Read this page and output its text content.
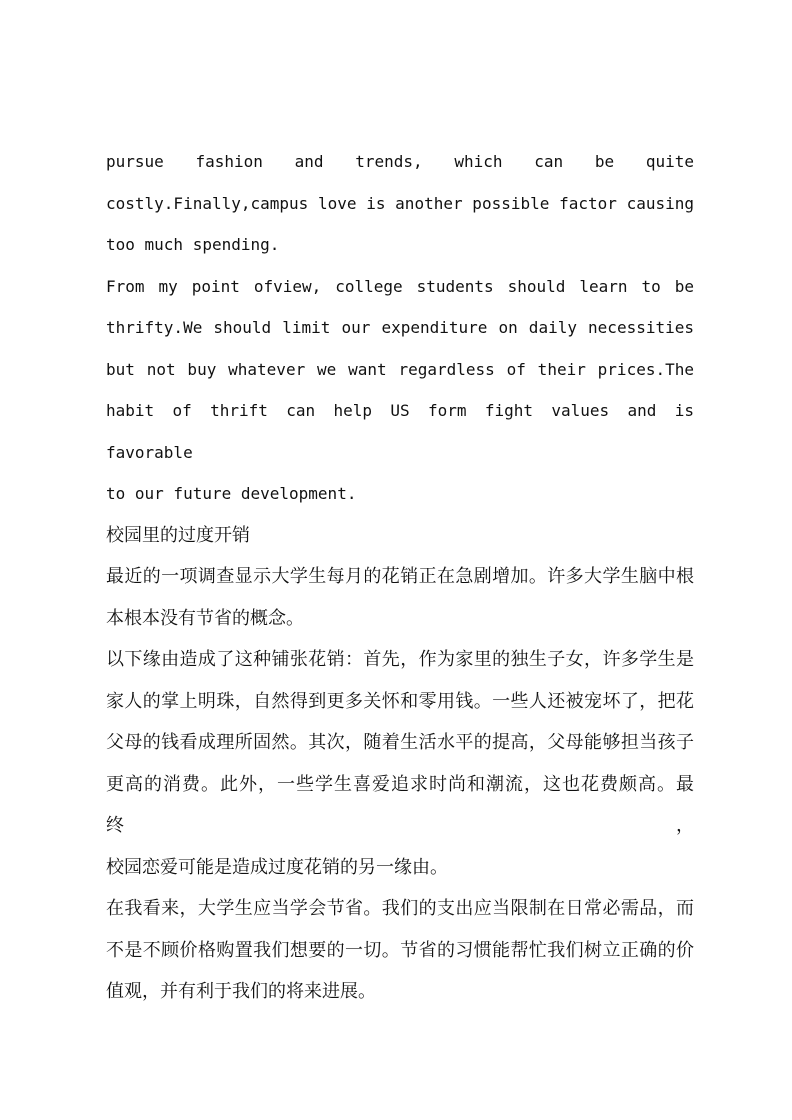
pursue fashion and trends, which can be quite
costly.Finally,campus love is another possible factor causing
too much spending.
From my point ofview, college students should learn to be
thrifty.We should limit our expenditure on daily necessities
but not buy whatever we want regardless of their prices.The
habit of thrift can help US form fight values and is favorable
to our future development.
校园里的过度开销
最近的一项调查显示大学生每月的花销正在急剧增加。许多大学生脑中根
本根本没有节省的概念。
以下缘由造成了这种铺张花销：首先，作为家里的独生子女，许多学生是
家人的掌上明珠，自然得到更多关怀和零用钱。一些人还被宠坏了，把花
父母的钱看成理所固然。其次，随着生活水平的提高，父母能够担当孩子
更高的消费。此外，一些学生喜爱追求时尚和潮流，这也花费颇高。最终，
校园恋爱可能是造成过度花销的另一缘由。
在我看来，大学生应当学会节省。我们的支出应当限制在日常必需品，而
不是不顾价格购置我们想要的一切。节省的习惯能帮忙我们树立正确的价
值观，并有利于我们的将来进展。
